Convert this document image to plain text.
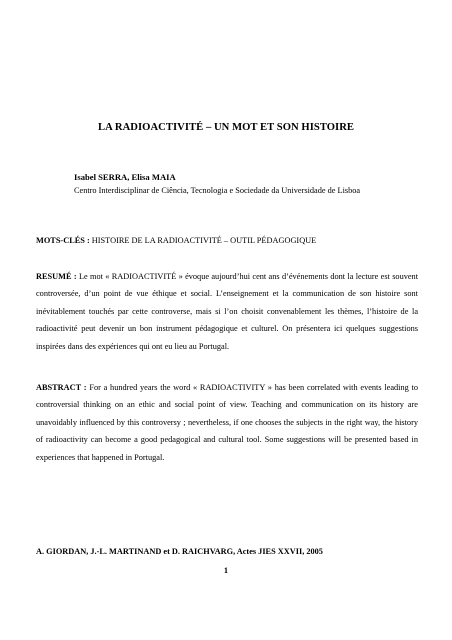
LA RADIOACTIVITÉ – UN MOT ET SON HISTOIRE
Isabel SERRA, Elisa MAIA
Centro Interdisciplinar de Ciência, Tecnologia e Sociedade da Universidade de Lisboa
MOTS-CLÉS : HISTOIRE DE LA RADIOACTIVITÉ – OUTIL PÉDAGOGIQUE
RESUMÉ : Le mot « RADIOACTIVITÉ » évoque aujourd’hui cent ans d’événements dont la lecture est souvent controversée, d’un point de vue éthique et social. L’enseignement et la communication de son histoire sont inévitablement touchés par cette controverse, mais si l’on choisit convenablement les thèmes, l’histoire de la radioactivité peut devenir un bon instrument pédagogique et culturel. On présentera ici quelques suggestions inspirées dans des expériences qui ont eu lieu au Portugal.
ABSTRACT : For a hundred years the word « RADIOACTIVITY » has been correlated with events leading to controversial thinking on an ethic and social point of view. Teaching and communication on its history are unavoidably influenced by this controversy ; nevertheless, if one chooses the subjects in the right way, the history of radioactivity can become a good pedagogical and cultural tool. Some suggestions will be presented based in experiences that happened in Portugal.
A. GIORDAN, J.-L. MARTINAND et D. RAICHVARG, Actes JIES XXVII, 2005
1
